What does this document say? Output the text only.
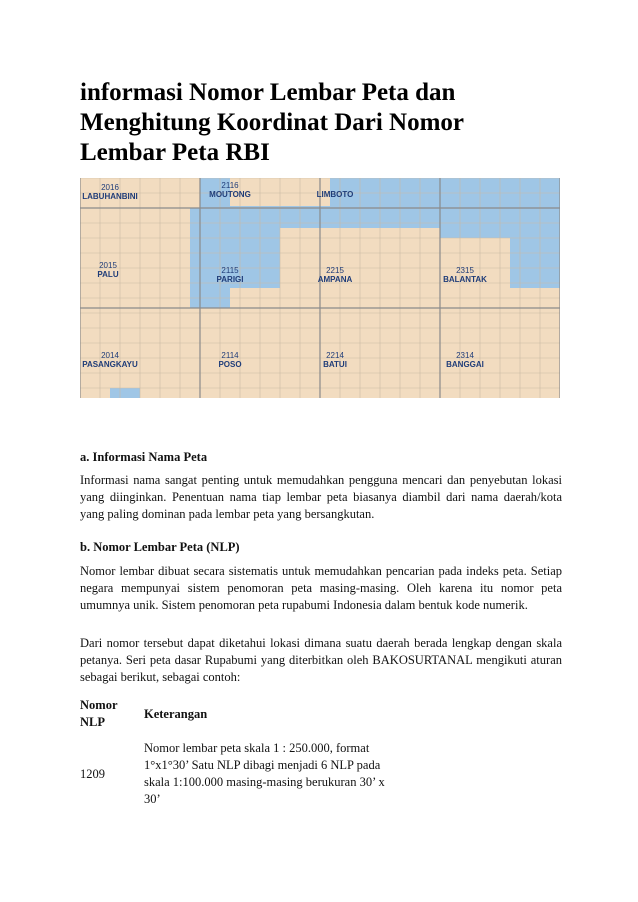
informasi Nomor Lembar Peta dan Menghitung Koordinat Dari Nomor Lembar Peta RBI
2016
LABUHANBINI
2116
MOUTONG	LIMBOTO
2015
PALU	2115
PARIGI
2215
AMPANA
2315
BALANTAK
2014
PASANGKAYU
2114
POSO
2214
BATUI
2314
BANGGAI

a. Informasi Nama Peta

Informasi nama sangat penting untuk memudahkan pengguna mencari dan penyebutan lokasi yang diinginkan. Penentuan nama tiap lembar peta biasanya diambil dari nama daerah/kota yang paling dominan pada lembar peta yang bersangkutan.

b. Nomor Lembar Peta (NLP)

Nomor lembar dibuat secara sistematis untuk memudahkan pencarian pada indeks peta. Setiap negara mempunyai sistem penomoran peta masing-masing. Oleh karena itu nomor peta umumnya unik. Sistem penomoran peta rupabumi Indonesia dalam bentuk kode numerik.

Dari nomor tersebut dapat diketahui lokasi dimana suatu daerah berada lengkap dengan skala petanya. Seri peta dasar Rupabumi yang diterbitkan oleh BAKOSURTANAL mengikuti aturan sebagai berikut, sebagai contoh:

Nomor NLP	Keterangan
1209	Nomor lembar peta skala 1 : 250.000, format 1°x1°30’ Satu NLP dibagi menjadi 6 NLP pada skala 1:100.000 masing-masing berukuran 30’ x 30’
